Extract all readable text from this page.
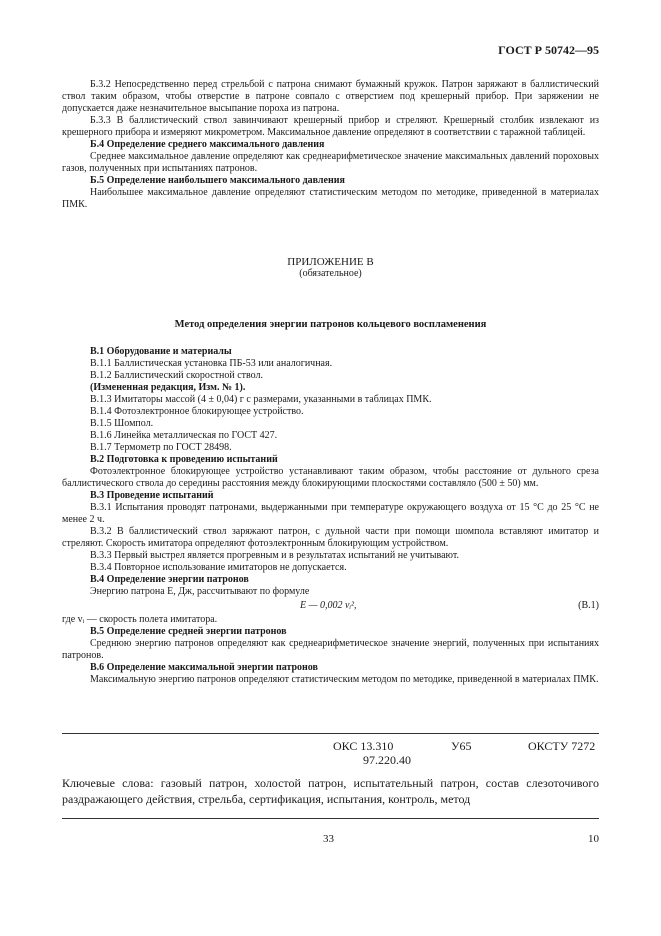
ГОСТ Р 50742—95

Б.3.2 Непосредственно перед стрельбой с патрона снимают бумажный кружок. Патрон заряжают в баллистический ствол таким образом, чтобы отверстие в патроне совпало с отверстием под крешерный прибор. При заряжении не допускается даже незначительное высыпание пороха из патрона.

Б.3.3 В баллистический ствол завинчивают крешерный прибор и стреляют. Крешерный столбик извлекают из крешерного прибора и измеряют микрометром. Максимальное давление определяют в соответствии с таражной таблицей.

Б.4 Определение среднего максимального давления

Среднее максимальное давление определяют как среднеарифметическое значение максимальных давлений пороховых газов, полученных при испытаниях патронов.

Б.5 Определение наибольшего максимального давления

Наибольшее максимальное давление определяют статистическим методом по методике, приведенной в материалах ПМК.

ПРИЛОЖЕНИЕ В
(обязательное)
Метод определения энергии патронов кольцевого воспламенения

В.1 Оборудование и материалы

В.1.1 Баллистическая установка ПБ-53 или аналогичная.

В.1.2 Баллистический скоростной ствол.

(Измененная редакция, Изм. № 1).

В.1.3 Имитаторы массой (4 ± 0,04) г с размерами, указанными в таблицах ПМК.

В.1.4 Фотоэлектронное блокирующее устройство.

В.1.5 Шомпол.

В.1.6 Линейка металлическая по ГОСТ 427.

В.1.7 Термометр по ГОСТ 28498.

В.2 Подготовка к проведению испытаний

Фотоэлектронное блокирующее устройство устанавливают таким образом, чтобы расстояние от дульного среза баллистического ствола до середины расстояния между блокирующими плоскостями составляло (500 ± 50) мм.

В.3 Проведение испытаний

В.3.1 Испытания проводят патронами, выдержанными при температуре окружающего воздуха от 15 °С до 25 °С не менее 2 ч.

В.3.2 В баллистический ствол заряжают патрон, с дульной части при помощи шомпола вставляют имитатор и стреляют. Скорость имитатора определяют фотоэлектронным блокирующим устройством.

В.3.3 Первый выстрел является прогревным и в результатах испытаний не учитывают.

В.3.4 Повторное использование имитаторов не допускается.

В.4 Определение энергии патронов

Энергию патрона Е, Дж, рассчитывают по формуле

E — 0,002 vᵢ²,	(В.1)

где vᵢ — скорость полета имитатора.

В.5 Определение средней энергии патронов

Среднюю энергию патронов определяют как среднеарифметическое значение энергий, полученных при испытаниях патронов.

В.6 Определение максимальной энергии патронов

Максимальную энергию патронов определяют статистическим методом по методике, приведенной в материалах ПМК.

ОКС 13.310
97.220.40
У65	ОКСТУ 7272
Ключевые слова: газовый патрон, холостой патрон, испытательный патрон, состав слезоточивого раздражающего действия, стрельба, сертификация, испытания, контроль, метод
33	10
